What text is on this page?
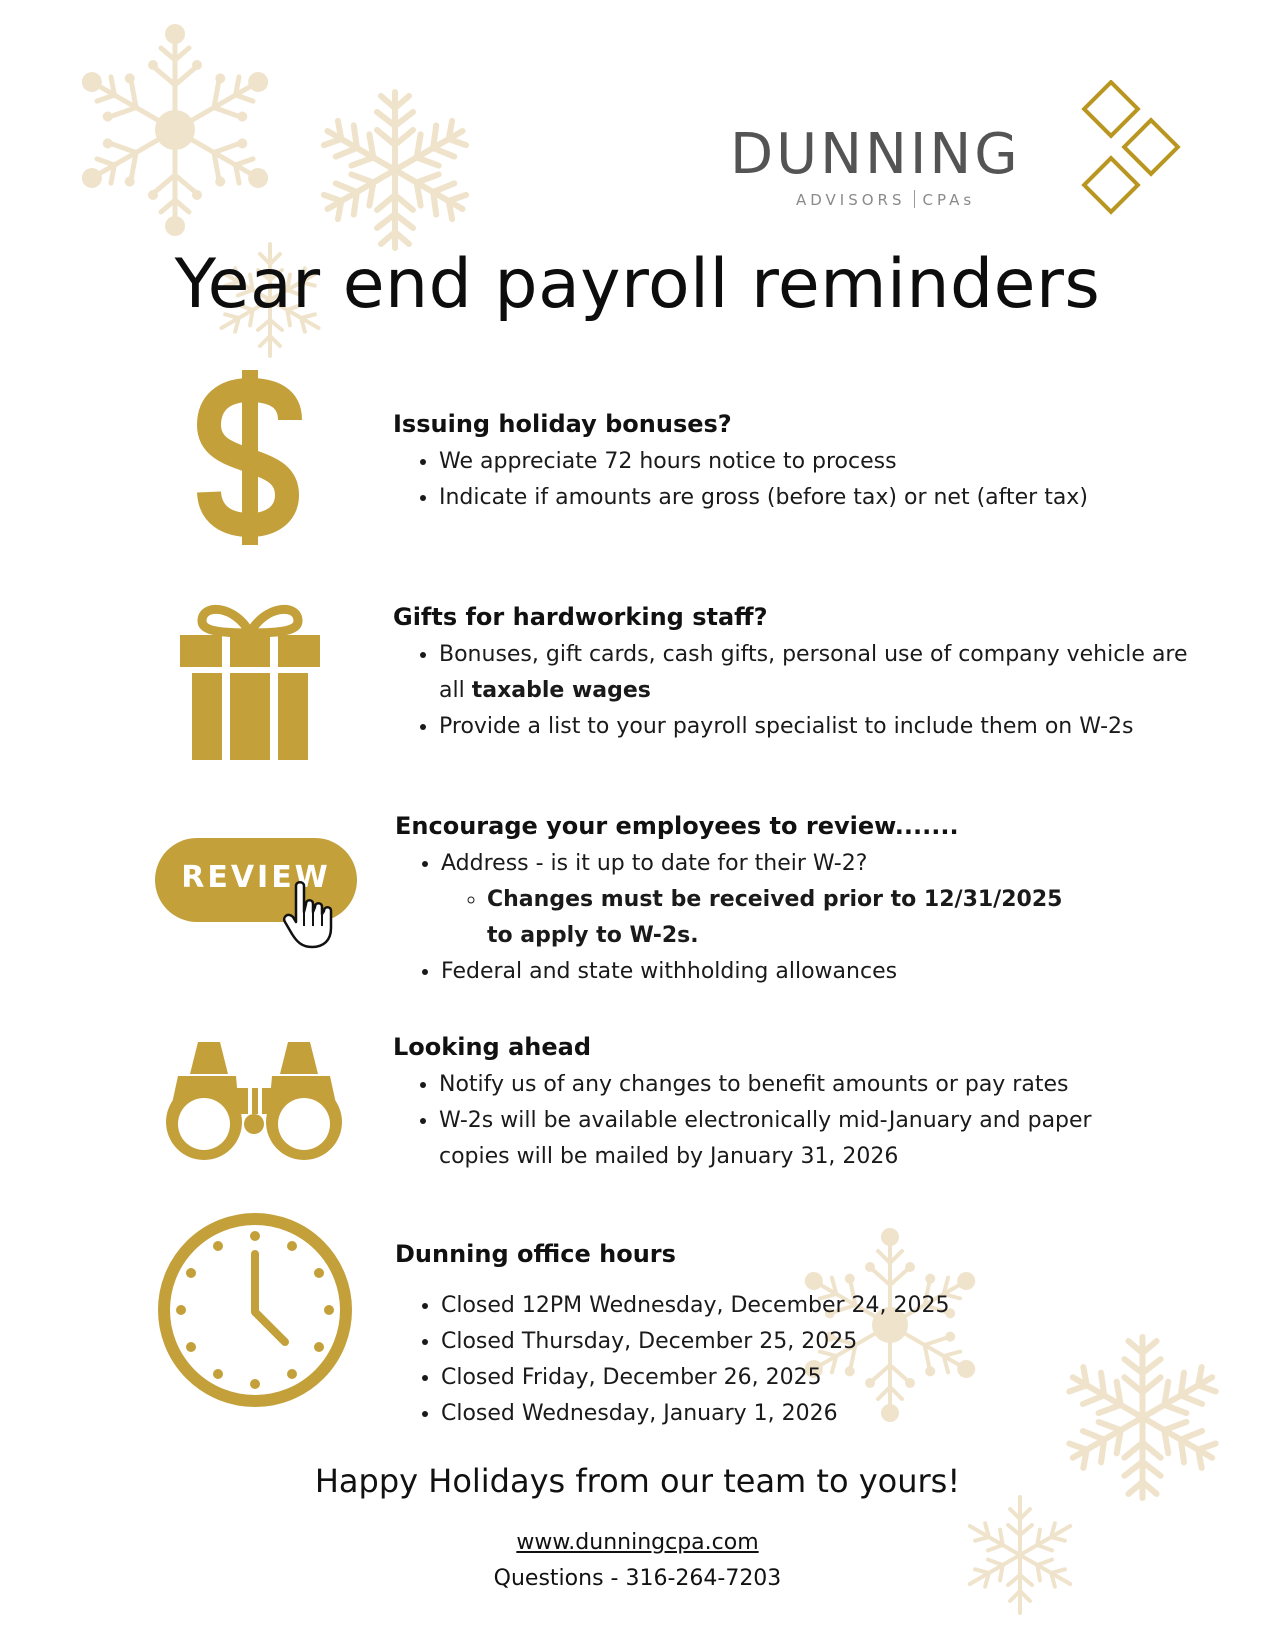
DUNNING
ADVISORS CPAs
Year end payroll reminders
Issuing holiday bonuses?
• We appreciate 72 hours notice to process
• Indicate if amounts are gross (before tax) or net (after tax)
Gifts for hardworking staff?
• Bonuses, gift cards, cash gifts, personal use of company vehicle are all taxable wages
• Provide a list to your payroll specialist to include them on W-2s
REVIEW
Encourage your employees to review.......
• Address - is it up to date for their W-2?
◦ Changes must be received prior to 12/31/2025 to apply to W-2s.
• Federal and state withholding allowances
Looking ahead
• Notify us of any changes to benefit amounts or pay rates
• W-2s will be available electronically mid-January and paper copies will be mailed by January 31, 2026
Dunning office hours
• Closed 12PM Wednesday, December 24, 2025
• Closed Thursday, December 25, 2025
• Closed Friday, December 26, 2025
• Closed Wednesday, January 1, 2026
Happy Holidays from our team to yours!
www.dunningcpa.com
Questions - 316-264-7203
